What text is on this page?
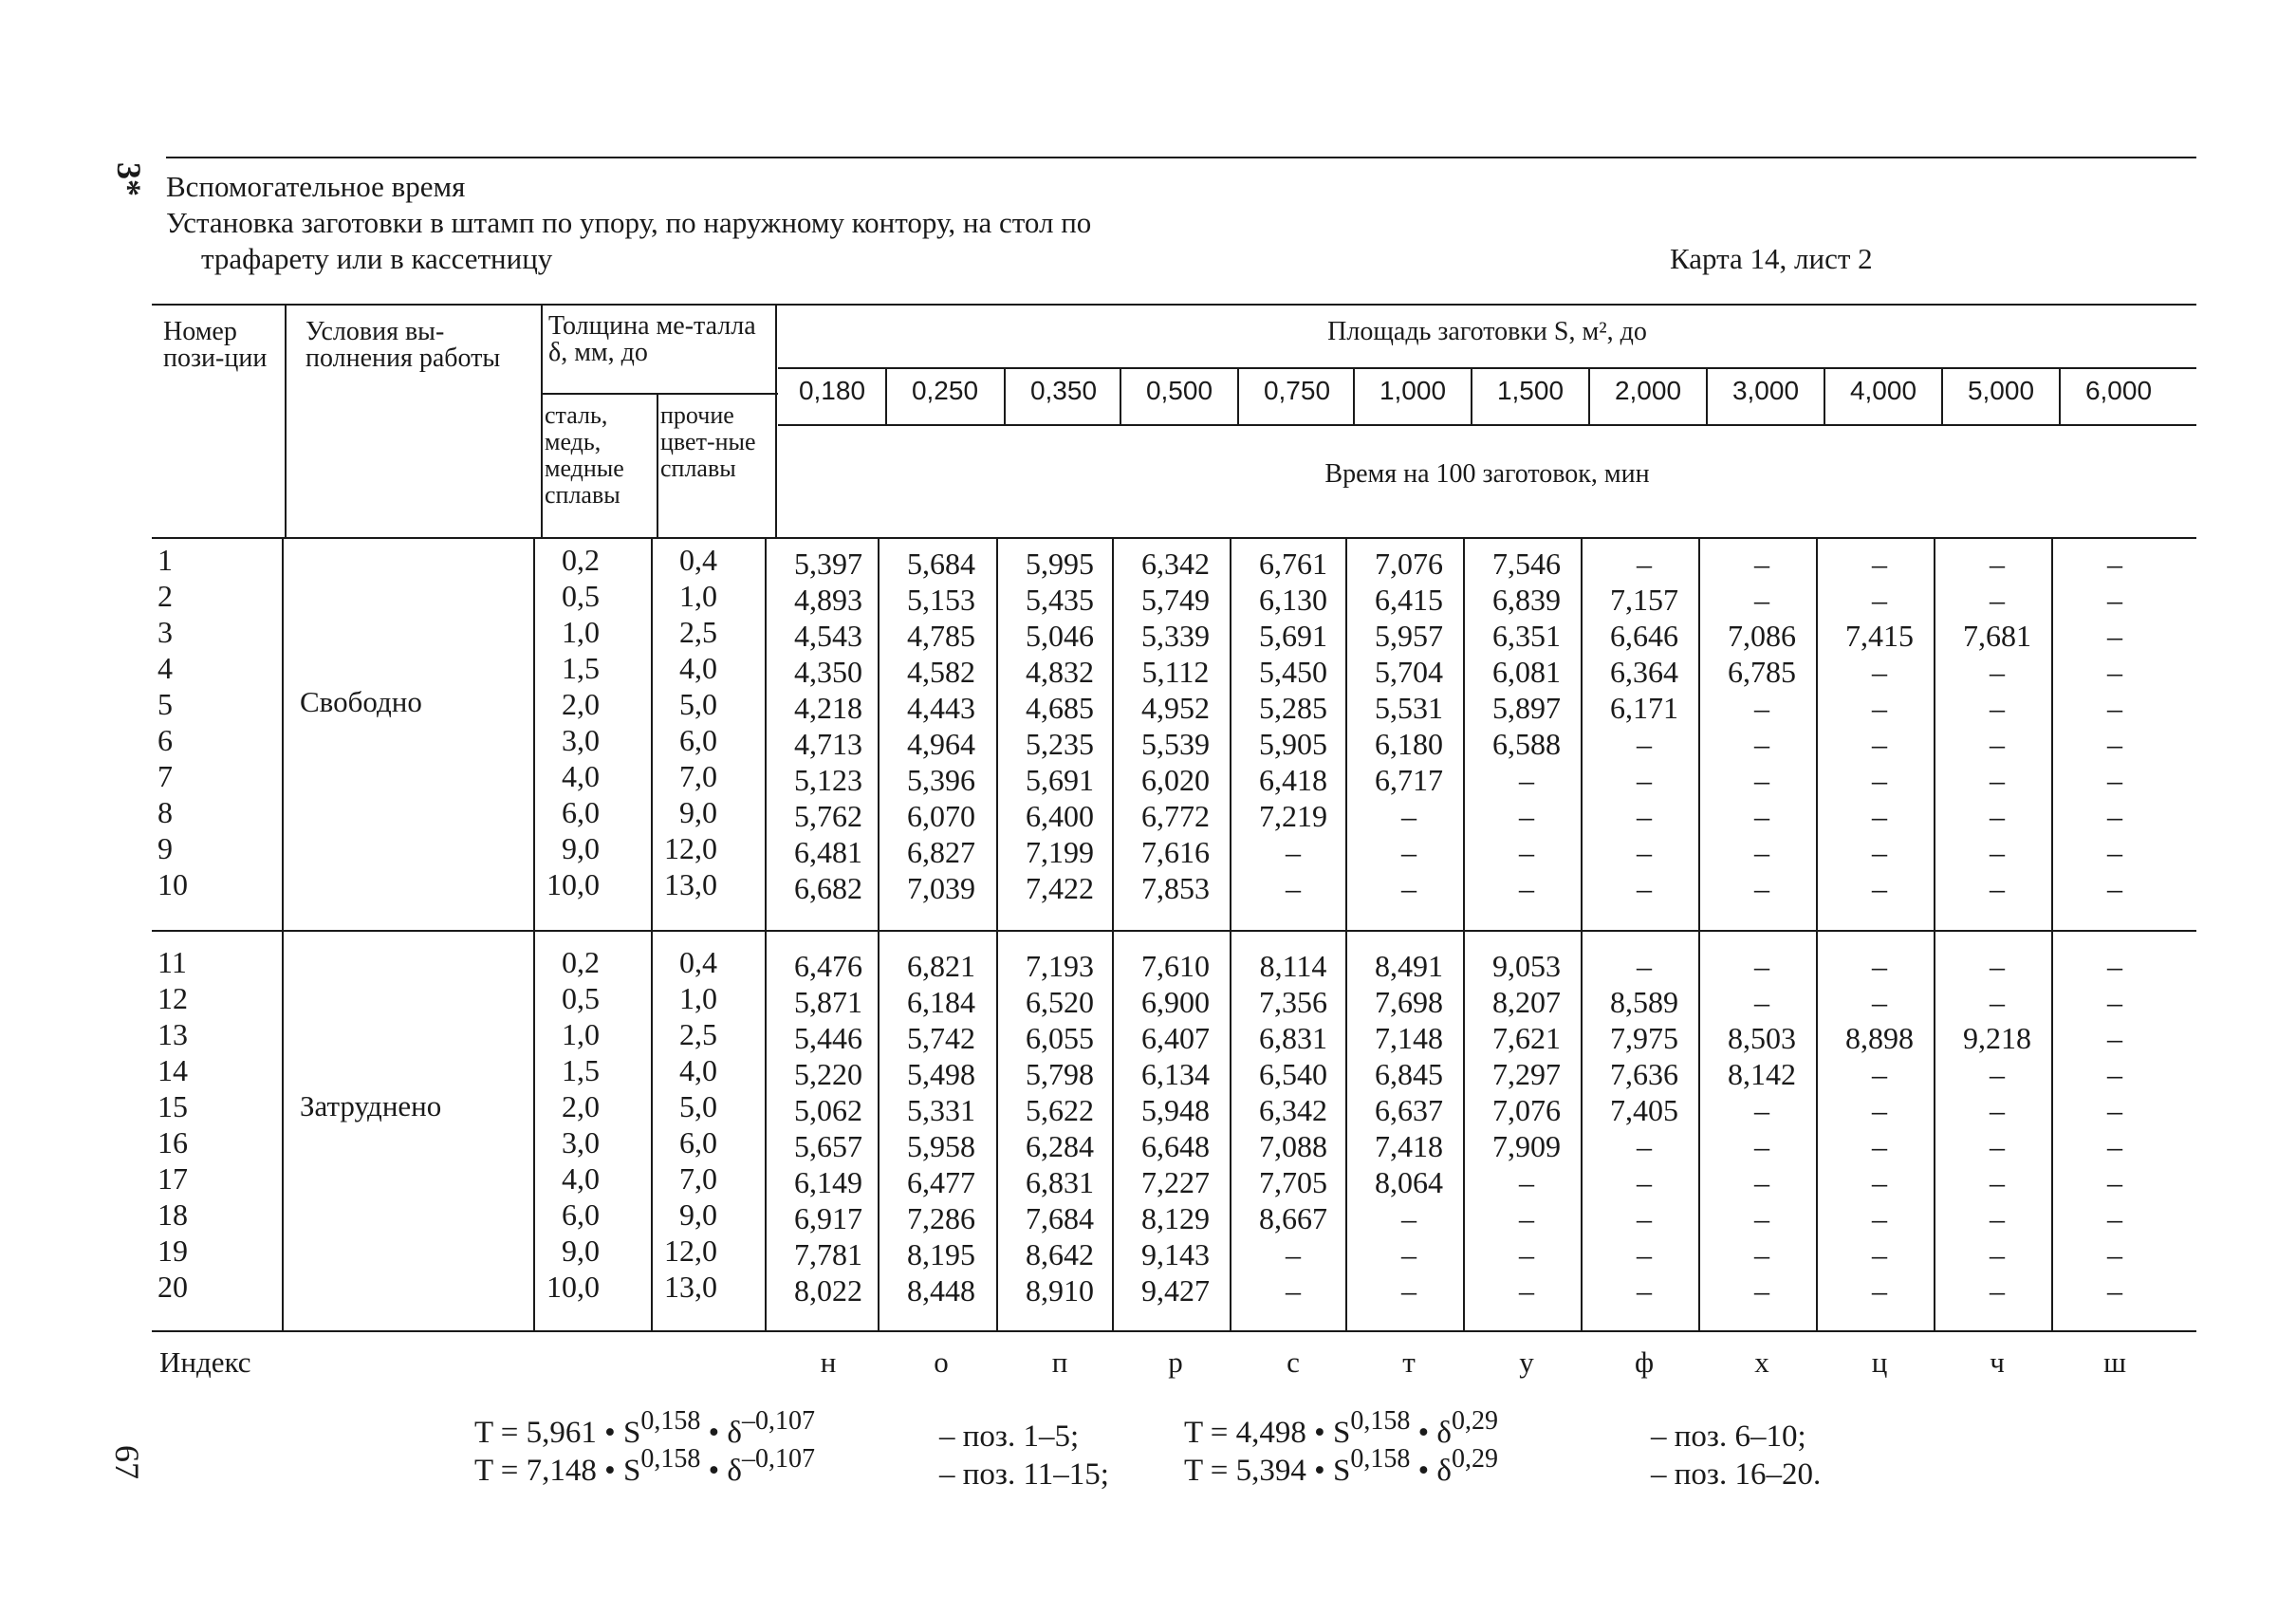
3*
67
Вспомогательное время
Установка заготовки в штамп по упору, по наружному контору, на стол по
трафарету или в кассетницу	Карта 14, лист 2
Номер пози-ции
Условия вы-полнения работы
Толщина ме-талла δ, мм, до
сталь, медь, медные сплавы
прочие цвет-ные сплавы
Площадь заготовки S, м², до
Время на 100 заготовок, мин
Свободно
Затруднено
Индекс
T = 5,961 • S$^{0,158}$ • $\delta^{-0,107}$
T = 7,148 • S$^{0,158}$ • $\delta^{-0,107}$
– поз. 1–5;
– поз. 11–15;
T = 4,498 • S$^{0,158}$ • $\delta^{0,29}$
T = 5,394 • S$^{0,158}$ • $\delta^{0,29}$
– поз. 6–10;
– поз. 16–20.
0,180	0,250	0,350	0,500	0,750	1,000	1,500	2,000	3,000	4,000	5,000	6,000
1	0,2	0,4	5,397	5,684	5,995	6,342	6,761	7,076	7,546	–	–	–	–	–
2	0,5	1,0	4,893	5,153	5,435	5,749	6,130	6,415	6,839	7,157	–	–	–	–
3	1,0	2,5	4,543	4,785	5,046	5,339	5,691	5,957	6,351	6,646	7,086	7,415	7,681	–
4	1,5	4,0	4,350	4,582	4,832	5,112	5,450	5,704	6,081	6,364	6,785	–	–	–
5	2,0	5,0	4,218	4,443	4,685	4,952	5,285	5,531	5,897	6,171	–	–	–	–
6	3,0	6,0	4,713	4,964	5,235	5,539	5,905	6,180	6,588	–	–	–	–	–
7	4,0	7,0	5,123	5,396	5,691	6,020	6,418	6,717	–	–	–	–	–	–
8	6,0	9,0	5,762	6,070	6,400	6,772	7,219	–	–	–	–	–	–	–
9	9,0	12,0	6,481	6,827	7,199	7,616	–	–	–	–	–	–	–	–
10	10,0	13,0	6,682	7,039	7,422	7,853	–	–	–	–	–	–	–	–
11	0,2	0,4	6,476	6,821	7,193	7,610	8,114	8,491	9,053	–	–	–	–	–
12	0,5	1,0	5,871	6,184	6,520	6,900	7,356	7,698	8,207	8,589	–	–	–	–
13	1,0	2,5	5,446	5,742	6,055	6,407	6,831	7,148	7,621	7,975	8,503	8,898	9,218	–
14	1,5	4,0	5,220	5,498	5,798	6,134	6,540	6,845	7,297	7,636	8,142	–	–	–
15	2,0	5,0	5,062	5,331	5,622	5,948	6,342	6,637	7,076	7,405	–	–	–	–
16	3,0	6,0	5,657	5,958	6,284	6,648	7,088	7,418	7,909	–	–	–	–	–
17	4,0	7,0	6,149	6,477	6,831	7,227	7,705	8,064	–	–	–	–	–	–
18	6,0	9,0	6,917	7,286	7,684	8,129	8,667	–	–	–	–	–	–	–
19	9,0	12,0	7,781	8,195	8,642	9,143	–	–	–	–	–	–	–	–
20	10,0	13,0	8,022	8,448	8,910	9,427	–	–	–	–	–	–	–	–
н	о	п	р	с	т	у	ф	х	ц	ч	ш
